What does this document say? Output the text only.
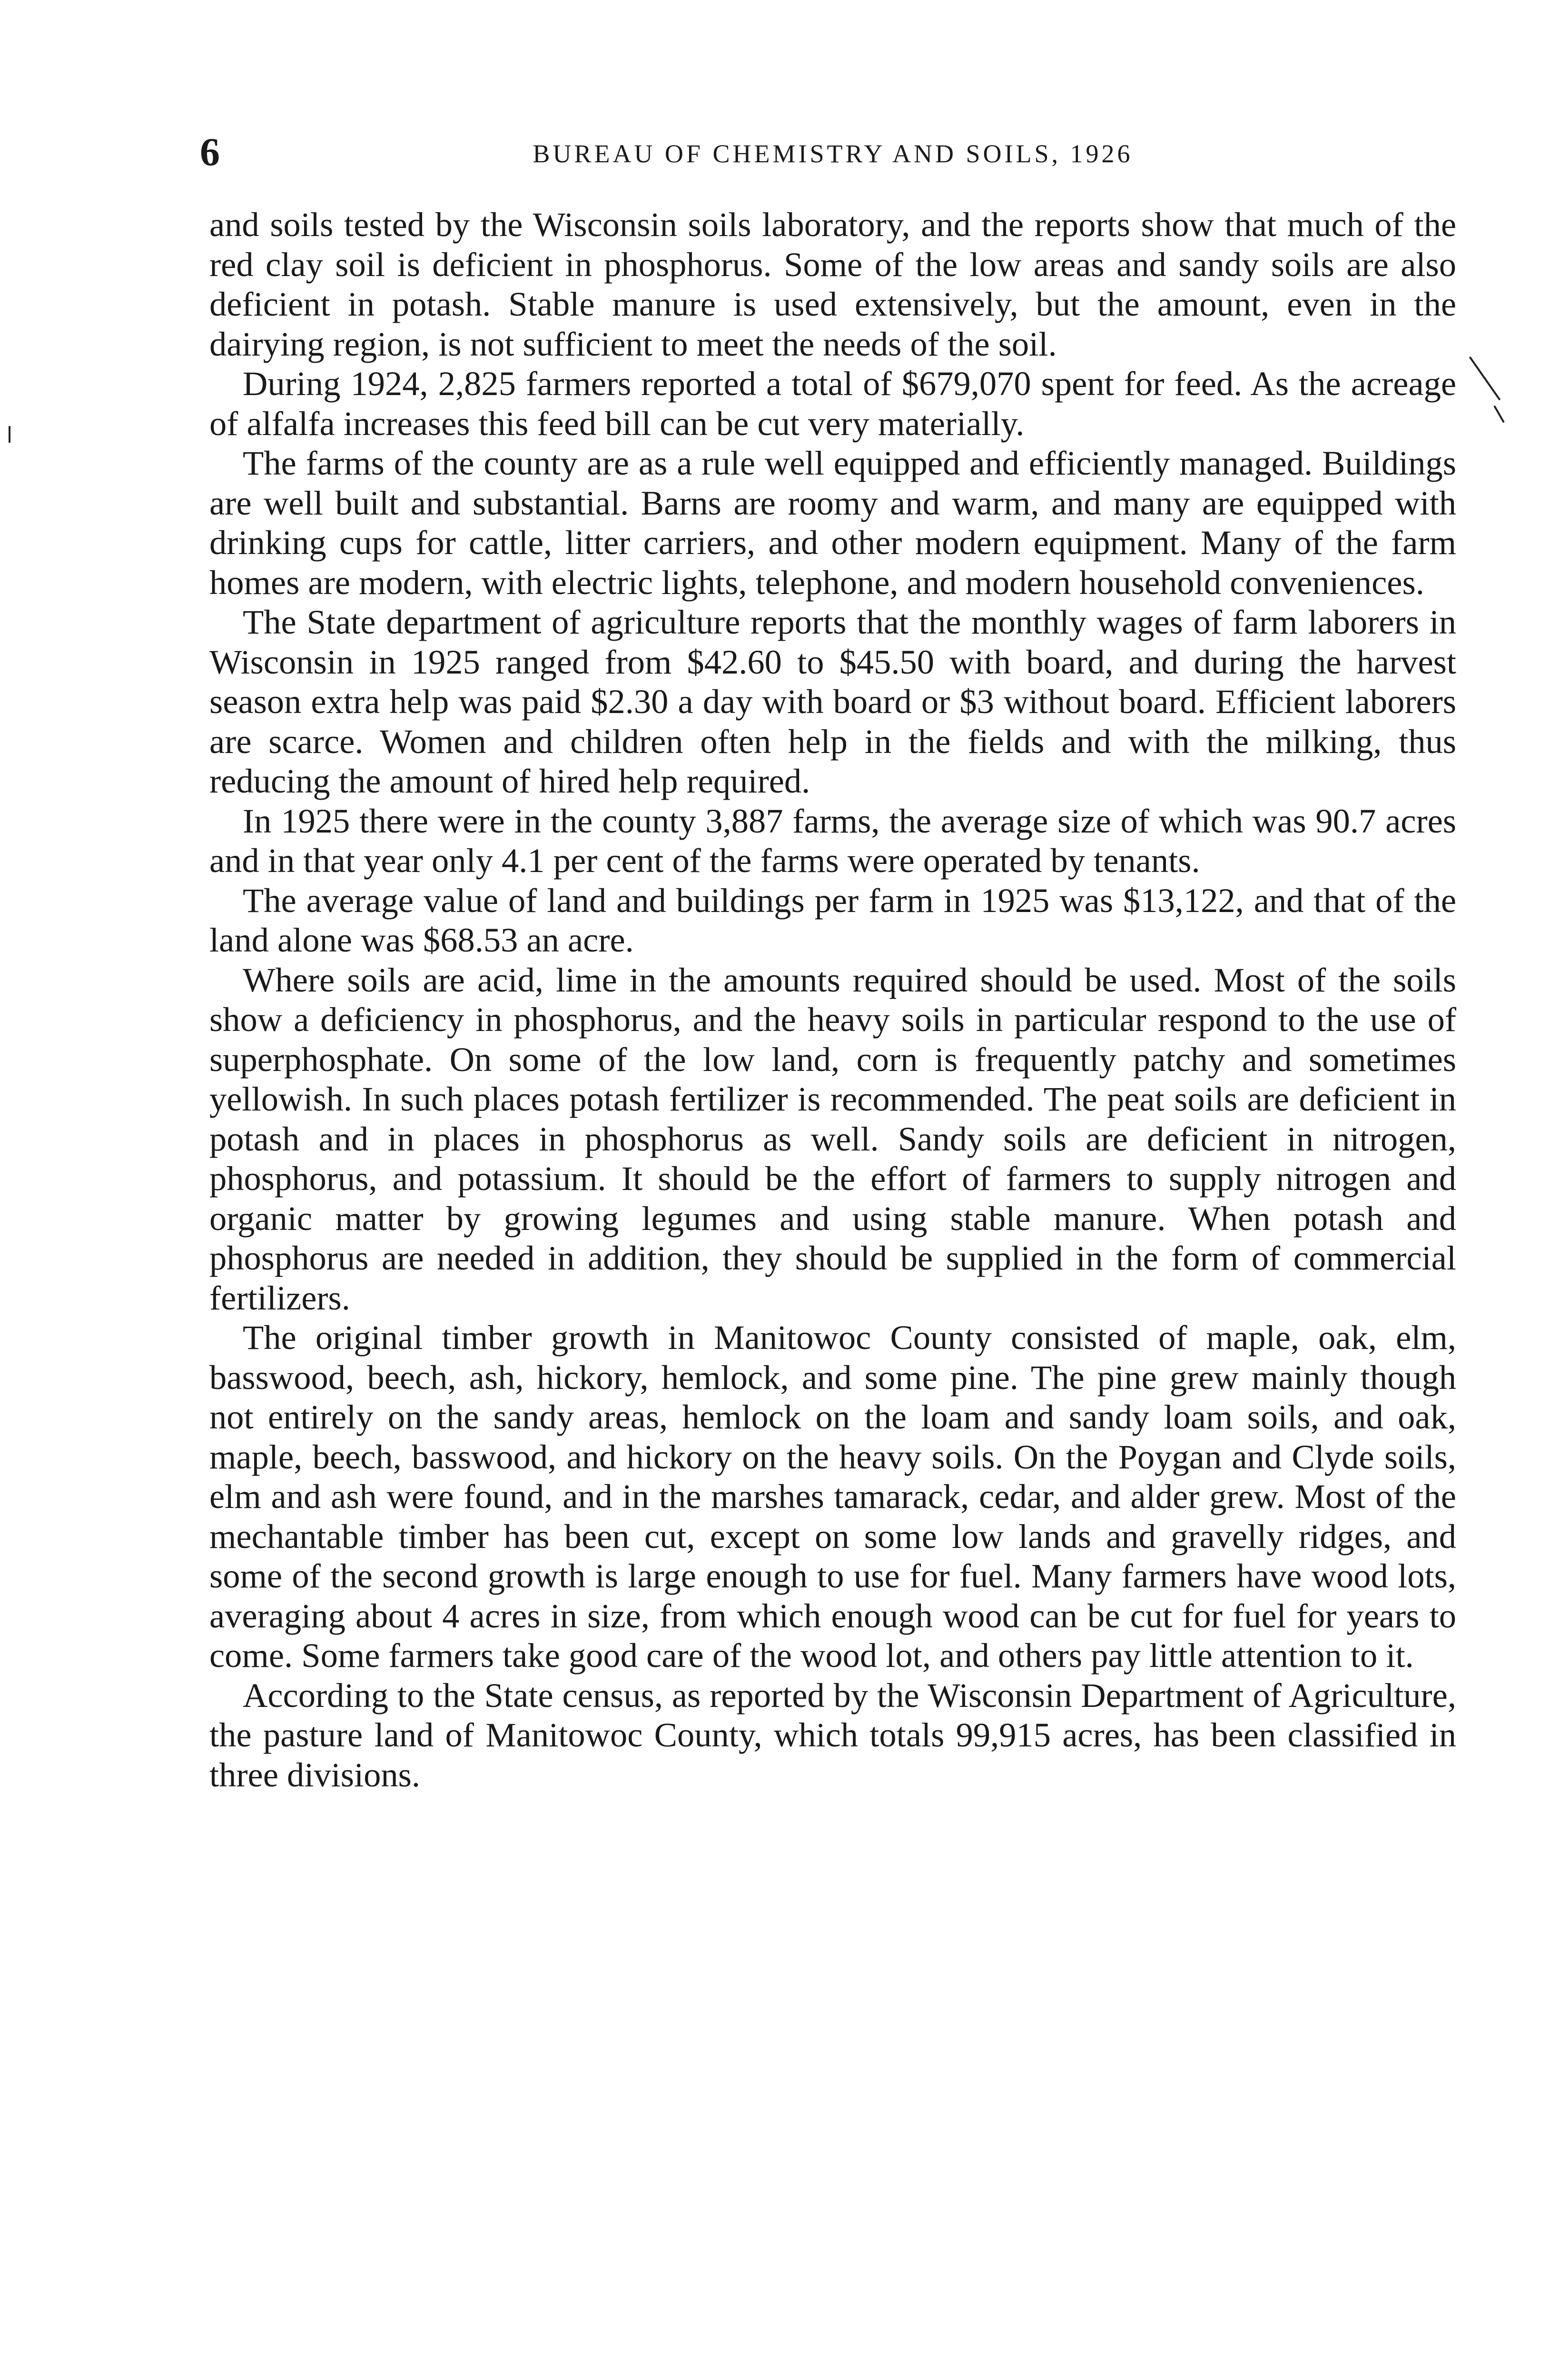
6	BUREAU OF CHEMISTRY AND SOILS, 1926

and soils tested by the Wisconsin soils laboratory, and the reports show that much of the red clay soil is deficient in phosphorus. Some of the low areas and sandy soils are also deficient in potash. Stable manure is used extensively, but the amount, even in the dairying region, is not sufficient to meet the needs of the soil.

During 1924, 2,825 farmers reported a total of $679,070 spent for feed. As the acreage of alfalfa increases this feed bill can be cut very materially.

The farms of the county are as a rule well equipped and efficiently managed. Buildings are well built and substantial. Barns are roomy and warm, and many are equipped with drinking cups for cattle, litter carriers, and other modern equipment. Many of the farm homes are modern, with electric lights, telephone, and modern household conveniences.

The State department of agriculture reports that the monthly wages of farm laborers in Wisconsin in 1925 ranged from $42.60 to $45.50 with board, and during the harvest season extra help was paid $2.30 a day with board or $3 without board. Efficient laborers are scarce. Women and children often help in the fields and with the milking, thus reducing the amount of hired help required.

In 1925 there were in the county 3,887 farms, the average size of which was 90.7 acres and in that year only 4.1 per cent of the farms were operated by tenants.

The average value of land and buildings per farm in 1925 was $13,122, and that of the land alone was $68.53 an acre.

Where soils are acid, lime in the amounts required should be used. Most of the soils show a deficiency in phosphorus, and the heavy soils in particular respond to the use of superphosphate. On some of the low land, corn is frequently patchy and sometimes yellowish. In such places potash fertilizer is recommended. The peat soils are deficient in potash and in places in phosphorus as well. Sandy soils are deficient in nitrogen, phosphorus, and potassium. It should be the effort of farmers to supply nitrogen and organic matter by growing legumes and using stable manure. When potash and phosphorus are needed in addition, they should be supplied in the form of commercial fertilizers.

The original timber growth in Manitowoc County consisted of maple, oak, elm, basswood, beech, ash, hickory, hemlock, and some pine. The pine grew mainly though not entirely on the sandy areas, hemlock on the loam and sandy loam soils, and oak, maple, beech, basswood, and hickory on the heavy soils. On the Poygan and Clyde soils, elm and ash were found, and in the marshes tamarack, cedar, and alder grew. Most of the mechantable timber has been cut, except on some low lands and gravelly ridges, and some of the second growth is large enough to use for fuel. Many farmers have wood lots, averaging about 4 acres in size, from which enough wood can be cut for fuel for years to come. Some farmers take good care of the wood lot, and others pay little attention to it.

According to the State census, as reported by the Wisconsin Department of Agriculture, the pasture land of Manitowoc County, which totals 99,915 acres, has been classified in three divisions.
